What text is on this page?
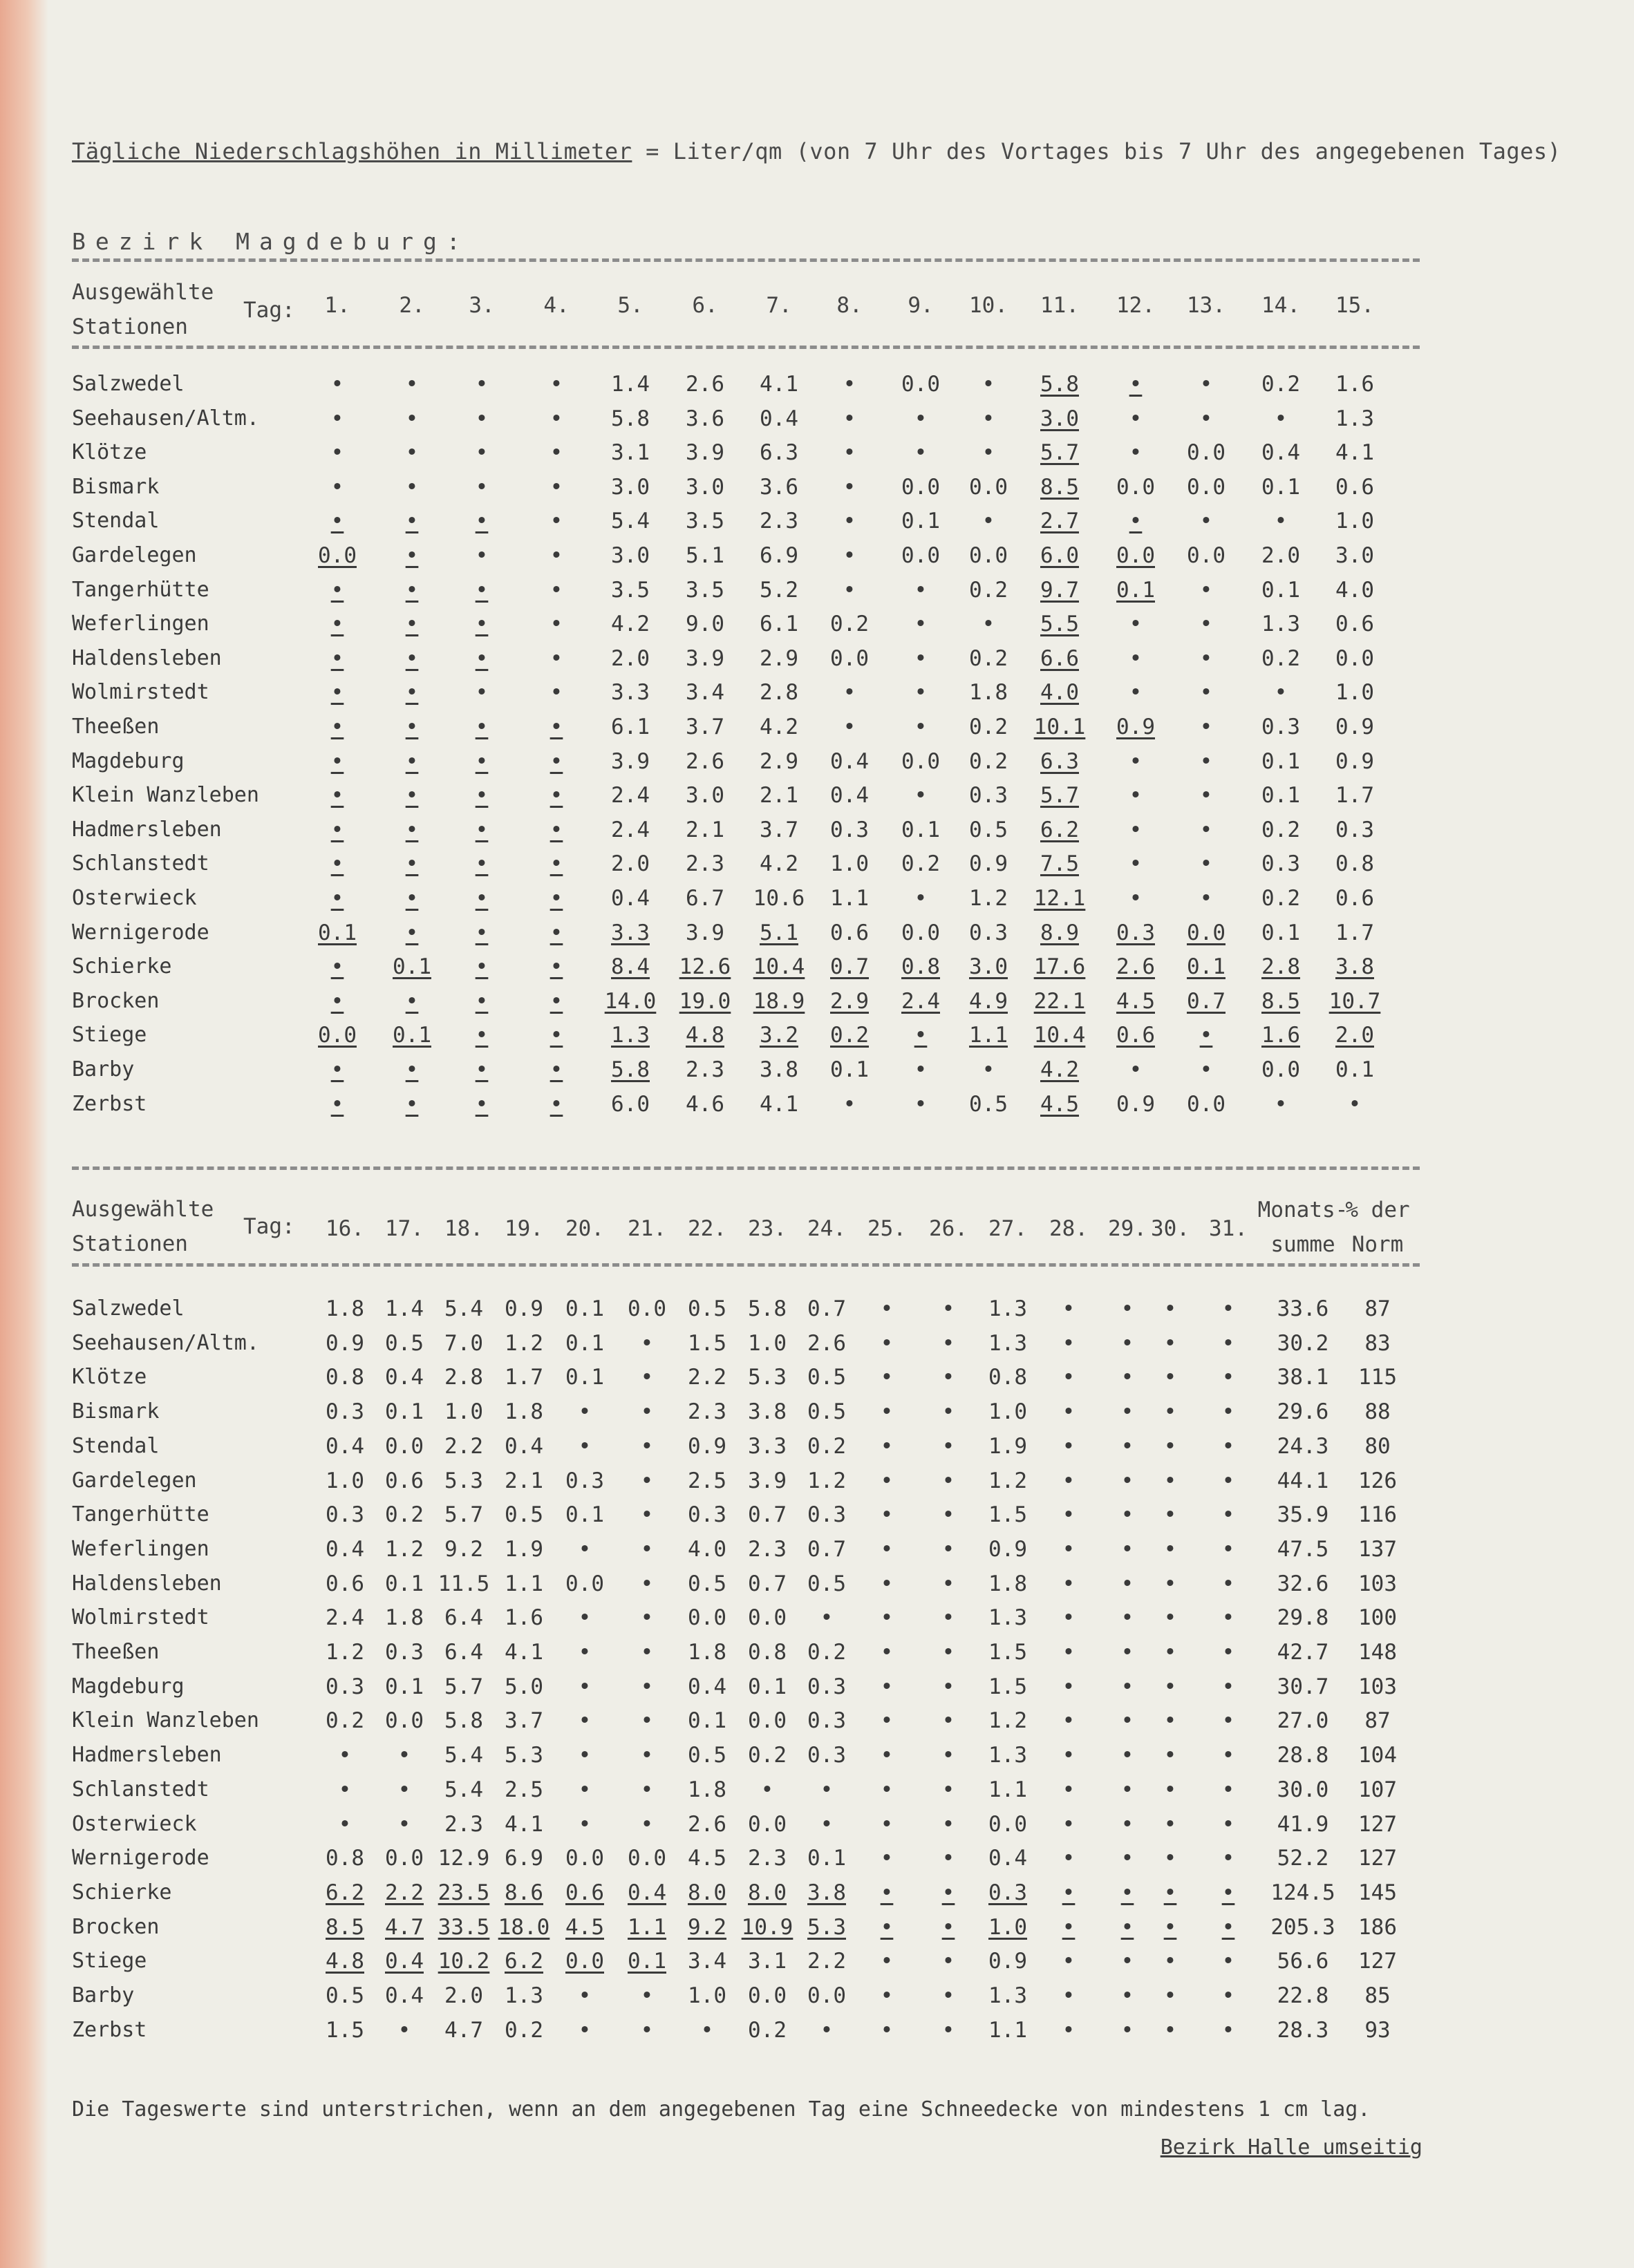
Tägliche Niederschlagshöhen in Millimeter = Liter/qm (von 7 Uhr des Vortages bis 7 Uhr des angegebenen Tages)
Bezirk Magdeburg:
Ausgewählte
Stationen
Tag: 1. 2. 3. 4. 5. 6. 7. 8. 9. 10. 11. 12. 13. 14. 15.
Salzwedel	•	•	•	• 1.4 2.6 4.1 • 0.0 • 5.8 •	• 0.2 1.6
Seehausen/Altm.	•	•	•	• 5.8 3.6 0.4 •	•	• 3.0 •	•	• 1.3
Klötze	•	•	•	• 3.1 3.9 6.3 •	•	• 5.7 • 0.0 0.4 4.1
Bismark	•	•	•	• 3.0 3.0 3.6 • 0.0 0.0 8.5 0.0 0.0 0.1 0.6
Stendal	•	•	•	• 5.4 3.5 2.3 • 0.1 • 2.7 •	•	• 1.0
Gardelegen	0.0 •	•	• 3.0 5.1 6.9 • 0.0 0.0 6.0 0.0 0.0 2.0 3.0
Tangerhütte	•	•	•	• 3.5 3.5 5.2 •	• 0.2 9.7 0.1 • 0.1 4.0
Weferlingen	•	•	•	• 4.2 9.0 6.1 0.2 •	• 5.5 •	• 1.3 0.6
Haldensleben	•	•	•	• 2.0 3.9 2.9 0.0 • 0.2 6.6 •	• 0.2 0.0
Wolmirstedt	•	•	•	• 3.3 3.4 2.8 •	• 1.8 4.0 •	•	• 1.0
Theeßen	•	•	•	• 6.1 3.7 4.2 •	• 0.2 10.1 0.9 • 0.3 0.9
Magdeburg	•	•	•	• 3.9 2.6 2.9 0.4 0.0 0.2 6.3 •	• 0.1 0.9
Klein Wanzleben	•	•	•	• 2.4 3.0 2.1 0.4 • 0.3 5.7 •	• 0.1 1.7
Hadmersleben	•	•	•	• 2.4 2.1 3.7 0.3 0.1 0.5 6.2 •	• 0.2 0.3
Schlanstedt	•	•	•	• 2.0 2.3 4.2 1.0 0.2 0.9 7.5 •	• 0.3 0.8
Osterwieck	•	•	•	• 0.4 6.7 10.6 1.1 • 1.2 12.1 •	• 0.2 0.6
Wernigerode	0.1 •	•	• 3.3 3.9 5.1 0.6 0.0 0.3 8.9 0.3 0.0 0.1 1.7
Schierke	• 0.1 •	• 8.4 12.6 10.4 0.7 0.8 3.0 17.6 2.6 0.1 2.8 3.8
Brocken	•	•	•	• 14.0 19.0 18.9 2.9 2.4 4.9 22.1 4.5 0.7 8.5 10.7
Stiege	0.0 0.1 •	• 1.3 4.8 3.2 0.2 • 1.1 10.4 0.6 • 1.6 2.0
Barby	•	•	•	• 5.8 2.3 3.8 0.1 •	• 4.2 •	• 0.0 0.1
Zerbst	•	•	•	• 6.0 4.6 4.1 •	• 0.5 4.5 0.9 0.0 •	•
Ausgewählte
Stationen
Tag: 16. 17. 18. 19. 20. 21. 22. 23. 24. 25. 26. 27. 28. 29. 30. 31.
Monats-
summe
% der
Norm
Salzwedel	1.8 1.4 5.4 0.9 0.1 0.0 0.5 5.8 0.7 • • 1.3 • • • • 33.6 87
Seehausen/Altm.	0.9 0.5 7.0 1.2 0.1 • 1.5 1.0 2.6 • • 1.3 • • • • 30.2 83
Klötze	0.8 0.4 2.8 1.7 0.1 • 2.2 5.3 0.5 • • 0.8 • • • • 38.1 115
Bismark	0.3 0.1 1.0 1.8 • • 2.3 3.8 0.5 • • 1.0 • • • • 29.6 88
Stendal	0.4 0.0 2.2 0.4 • • 0.9 3.3 0.2 • • 1.9 • • • • 24.3 80
Gardelegen	1.0 0.6 5.3 2.1 0.3 • 2.5 3.9 1.2 • • 1.2 • • • • 44.1 126
Tangerhütte	0.3 0.2 5.7 0.5 0.1 • 0.3 0.7 0.3 • • 1.5 • • • • 35.9 116
Weferlingen	0.4 1.2 9.2 1.9 • • 4.0 2.3 0.7 • • 0.9 • • • • 47.5 137
Haldensleben	0.6 0.1 11.5 1.1 0.0 • 0.5 0.7 0.5 • • 1.8 • • • • 32.6 103
Wolmirstedt	2.4 1.8 6.4 1.6 • • 0.0 0.0 • • • 1.3 • • • • 29.8 100
Theeßen	1.2 0.3 6.4 4.1 • • 1.8 0.8 0.2 • • 1.5 • • • • 42.7 148
Magdeburg	0.3 0.1 5.7 5.0 • • 0.4 0.1 0.3 • • 1.5 • • • • 30.7 103
Klein Wanzleben	0.2 0.0 5.8 3.7 • • 0.1 0.0 0.3 • • 1.2 • • • • 27.0 87
Hadmersleben	• • 5.4 5.3 • • 0.5 0.2 0.3 • • 1.3 • • • • 28.8 104
Schlanstedt	• • 5.4 2.5 • • 1.8 • • • • 1.1 • • • • 30.0 107
Osterwieck	• • 2.3 4.1 • • 2.6 0.0 • • • 0.0 • • • • 41.9 127
Wernigerode	0.8 0.0 12.9 6.9 0.0 0.0 4.5 2.3 0.1 • • 0.4 • • • • 52.2 127
Schierke	6.2 2.2 23.5 8.6 0.6 0.4 8.0 8.0 3.8 • • 0.3 • • • • 124.5 145
Brocken	8.5 4.7 33.5 18.0 4.5 1.1 9.2 10.9 5.3 • • 1.0 • • • • 205.3 186
Stiege	4.8 0.4 10.2 6.2 0.0 0.1 3.4 3.1 2.2 • • 0.9 • • • • 56.6 127
Barby	0.5 0.4 2.0 1.3 • • 1.0 0.0 0.0 • • 1.3 • • • • 22.8 85
Zerbst	1.5 • 4.7 0.2 • • • 0.2 • • • 1.1 • • • • 28.3 93
Die Tageswerte sind unterstrichen, wenn an dem angegebenen Tag eine Schneedecke von mindestens 1 cm lag.
Bezirk Halle umseitig
